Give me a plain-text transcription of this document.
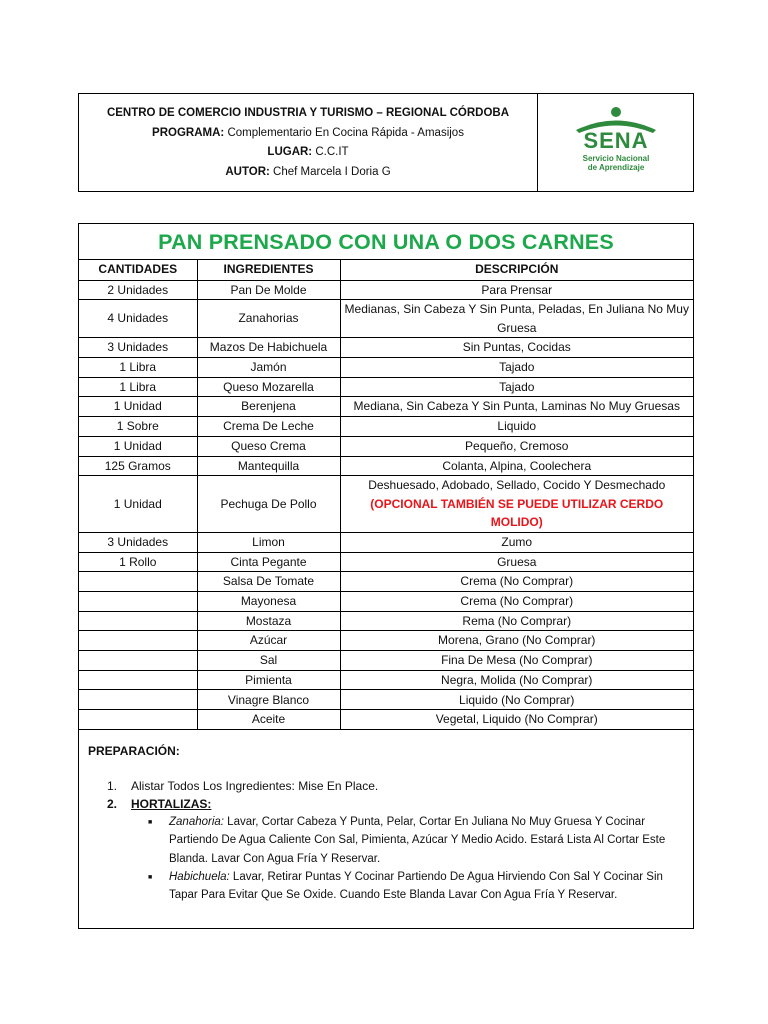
CENTRO DE COMERCIO INDUSTRIA Y TURISMO – REGIONAL CÓRDOBA
PROGRAMA: Complementario En Cocina Rápida - Amasijos
LUGAR: C.C.IT
AUTOR: Chef Marcela I Doria G
SENA
Servicio Nacional
de Aprendizaje
PAN PRENSADO CON UNA O DOS CARNES
CANTIDADES	INGREDIENTES	DESCRIPCIÓN
2 Unidades	Pan De Molde	Para Prensar
4 Unidades	Zanahorias	Medianas, Sin Cabeza Y Sin Punta, Peladas, En Juliana No Muy Gruesa
3 Unidades	Mazos De Habichuela	Sin Puntas, Cocidas
1 Libra	Jamón	Tajado
1 Libra	Queso Mozarella	Tajado
1 Unidad	Berenjena	Mediana, Sin Cabeza Y Sin Punta, Laminas No Muy Gruesas
1 Sobre	Crema De Leche	Liquido
1 Unidad	Queso Crema	Pequeño, Cremoso
125 Gramos	Mantequilla	Colanta, Alpina, Coolechera
1 Unidad	Pechuga De Pollo	Deshuesado, Adobado, Sellado, Cocido Y Desmechado
(OPCIONAL TAMBIÉN SE PUEDE UTILIZAR CERDO MOLIDO)
3 Unidades	Limon	Zumo
1 Rollo	Cinta Pegante	Gruesa
	Salsa De Tomate	Crema (No Comprar)
	Mayonesa	Crema (No Comprar)
	Mostaza	Rema (No Comprar)
	Azúcar	Morena, Grano (No Comprar)
	Sal	Fina De Mesa (No Comprar)
	Pimienta	Negra, Molida (No Comprar)
	Vinagre Blanco	Liquido (No Comprar)
	Aceite	Vegetal, Liquido (No Comprar)
PREPARACIÓN:
1.	Alistar Todos Los Ingredientes: Mise En Place.
2.	HORTALIZAS:
■	Zanahoria: Lavar, Cortar Cabeza Y Punta, Pelar, Cortar En Juliana No Muy Gruesa Y Cocinar Partiendo De Agua Caliente Con Sal, Pimienta, Azúcar Y Medio Acido. Estará Lista Al Cortar Este Blanda. Lavar Con Agua Fría Y Reservar.
■	Habichuela: Lavar, Retirar Puntas Y Cocinar Partiendo De Agua Hirviendo Con Sal Y Cocinar Sin Tapar Para Evitar Que Se Oxide. Cuando Este Blanda Lavar Con Agua Fría Y Reservar.
